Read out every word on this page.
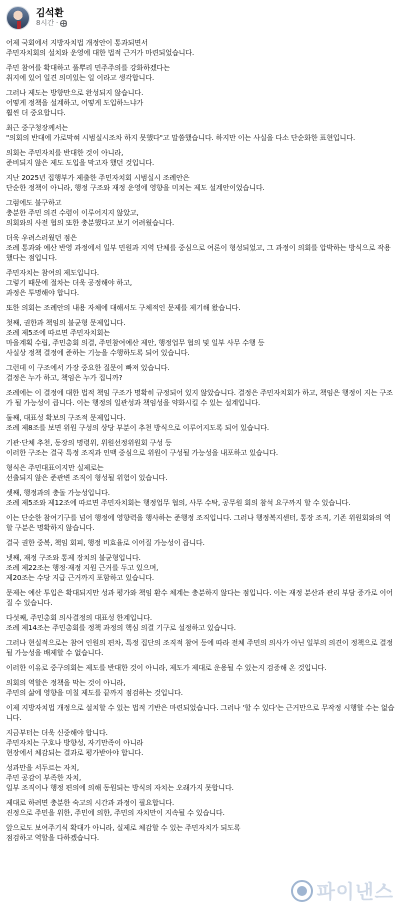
김석환
8시간 ·

어제 국회에서 지방자치법 개정안이 통과되면서
주민자치회의 설치와 운영에 대한 법적 근거가 마련되었습니다.

주민 참여를 확대하고 풀뿌리 민주주의를 강화하겠다는
취지에 있어 일견 의미있는 일 이라고 생각합니다.

그러나 제도는 방향만으로 완성되지 않습니다.
어떻게 정책을 설계하고, 어떻게 도입하느냐가
훨씬 더 중요합니다.

최근 중구청장께서는
"의회의 반대에 가로막혀 시범실시조차 하지 못했다"고 말씀했습니다. 하지만 이는 사실을 다소 단순화한 표현입니다.

의회는 주민자치를 반대한 것이 아니라,
준비되지 않은 제도 도입을 막고자 했던 것입니다.

지난 2025년 집행부가 제출한 주민자치회 시범실시 조례안은
단순한 정책이 아니라, 행정 구조와 재정 운영에 영향을 미치는 제도 설계안이었습니다.

그럼에도 불구하고
충분한 주민 의견 수렴이 이루어지지 않았고,
의회와의 사전 협의 또한 충분했다고 보기 어려웠습니다.

더욱 우려스러웠던 점은
조례 통과와 예산 반영 과정에서 일부 민원과 지역 단체를 중심으로 여론이 형성되었고, 그 과정이 의회를 압박하는 방식으로 작용했다는 점입니다.

주민자치는 참여의 제도입니다.
그렇기 때문에 절차는 더욱 공정해야 하고,
과정은 투명해야 합니다.

또한 의회는 조례안의 내용 자체에 대해서도 구체적인 문제를 제기해 왔습니다.

첫째, 권한과 책임의 불균형 문제입니다.
조례 제5조에 따르면 주민자치회는
마을계획 수립, 주민총회 의결, 주민참여예산 제안, 행정업무 협의 및 일부 사무 수행 등
사실상 정책 결정에 준하는 기능을 수행하도록 되어 있습니다.

그런데 이 구조에서 가장 중요한 질문이 빠져 있습니다.
결정은 누가 하고, 책임은 누가 집니까?

조례에는 이 결정에 대한 법적 책임 구조가 명확히 규정되어 있지 않았습니다. 결정은 주민자치회가 하고, 책임은 행정이 지는 구조가 될 가능성이 큽니다. 이는 행정의 일관성과 책임성을 약화시킬 수 있는 설계입니다.

둘째, 대표성 확보의 구조적 문제입니다.
조례 제8조를 보면 위원 구성의 상당 부분이 추천 방식으로 이루어지도록 되어 있습니다.

기관·단체 추천, 동장의 명령위, 위원선정위원회 구성 등
이러한 구조는 결국 특정 조직과 인맥 중심으로 위원이 구성될 가능성을 내포하고 있습니다.

형식은 주민대표이지만 실제로는
선출되지 않은 준관변 조직이 형성될 위험이 있습니다.

셋째, 행정과의 충돌 가능성입니다.
조례 제5조와 제12조에 따르면 주민자치회는 행정업무 협의, 사무 수탁, 공무원 회의 참석 요구까지 할 수 있습니다.

이는 단순한 참여기구를 넘어 행정에 영향력을 행사하는 준행정 조직입니다. 그러나 행정복지센터, 통장 조직, 기존 위원회와의 역할 구분은 명확하지 않습니다.

결국 권한 중복, 책임 회피, 행정 비효율로 이어질 가능성이 큽니다.

넷째, 재정 구조와 통제 장치의 불균형입니다.
조례 제22조는 행정·재정 지원 근거를 두고 있으며,
제20조는 수당 지급 근거까지 포함하고 있습니다.

문제는 예산 투입은 확대되지만 성과 평가와 책임 환수 체계는 충분하지 않다는 점입니다. 이는 재정 분산과 관리 부담 증가로 이어질 수 있습니다.

다섯째, 주민총회 의사결정의 대표성 한계입니다.
조례 제14조는 주민총회를 정책 과정의 핵심 의결 기구로 설정하고 있습니다.

그러나 현실적으로는 참여 인원의 편차, 특정 집단의 조직적 참여 등에 따라 전체 주민의 의사가 아닌 일부의 의견이 정책으로 결정될 가능성을 배제할 수 없습니다.

이러한 이유로 중구의회는 제도를 반대한 것이 아니라, 제도가 제대로 운용될 수 있는지 검증해 온 것입니다.

의회의 역할은 정책을 막는 것이 아니라,
주민의 삶에 영향을 미칠 제도를 끝까지 점검하는 것입니다.

이제 지방자치법 개정으로 설치할 수 있는 법적 기반은 마련되었습니다. 그러나 '할 수 있다'는 근거만으로 무작정 시행할 수는 없습니다.

지금부터는 더욱 신중해야 합니다.
주민자치는 구호나 방향성, 자기만족이 아니라
현장에서 체감되는 결과로 평가받아야 합니다.

성과만을 서두르는 자치,
주민 공감이 부족한 자치,
일부 조직이나 행정 편의에 의해 동원되는 방식의 자치는 오래가지 못합니다.

제대로 하려면 충분한 숙고의 시간과 과정이 필요합니다.
진정으로 주민을 위한, 주민에 의한, 주민의 자치만이 지속될 수 있습니다.

앞으로도 보여주기식 확대가 아니라, 실제로 체감할 수 있는 주민자치가 되도록
점검하고 역할을 다하겠습니다.

파이낸스
